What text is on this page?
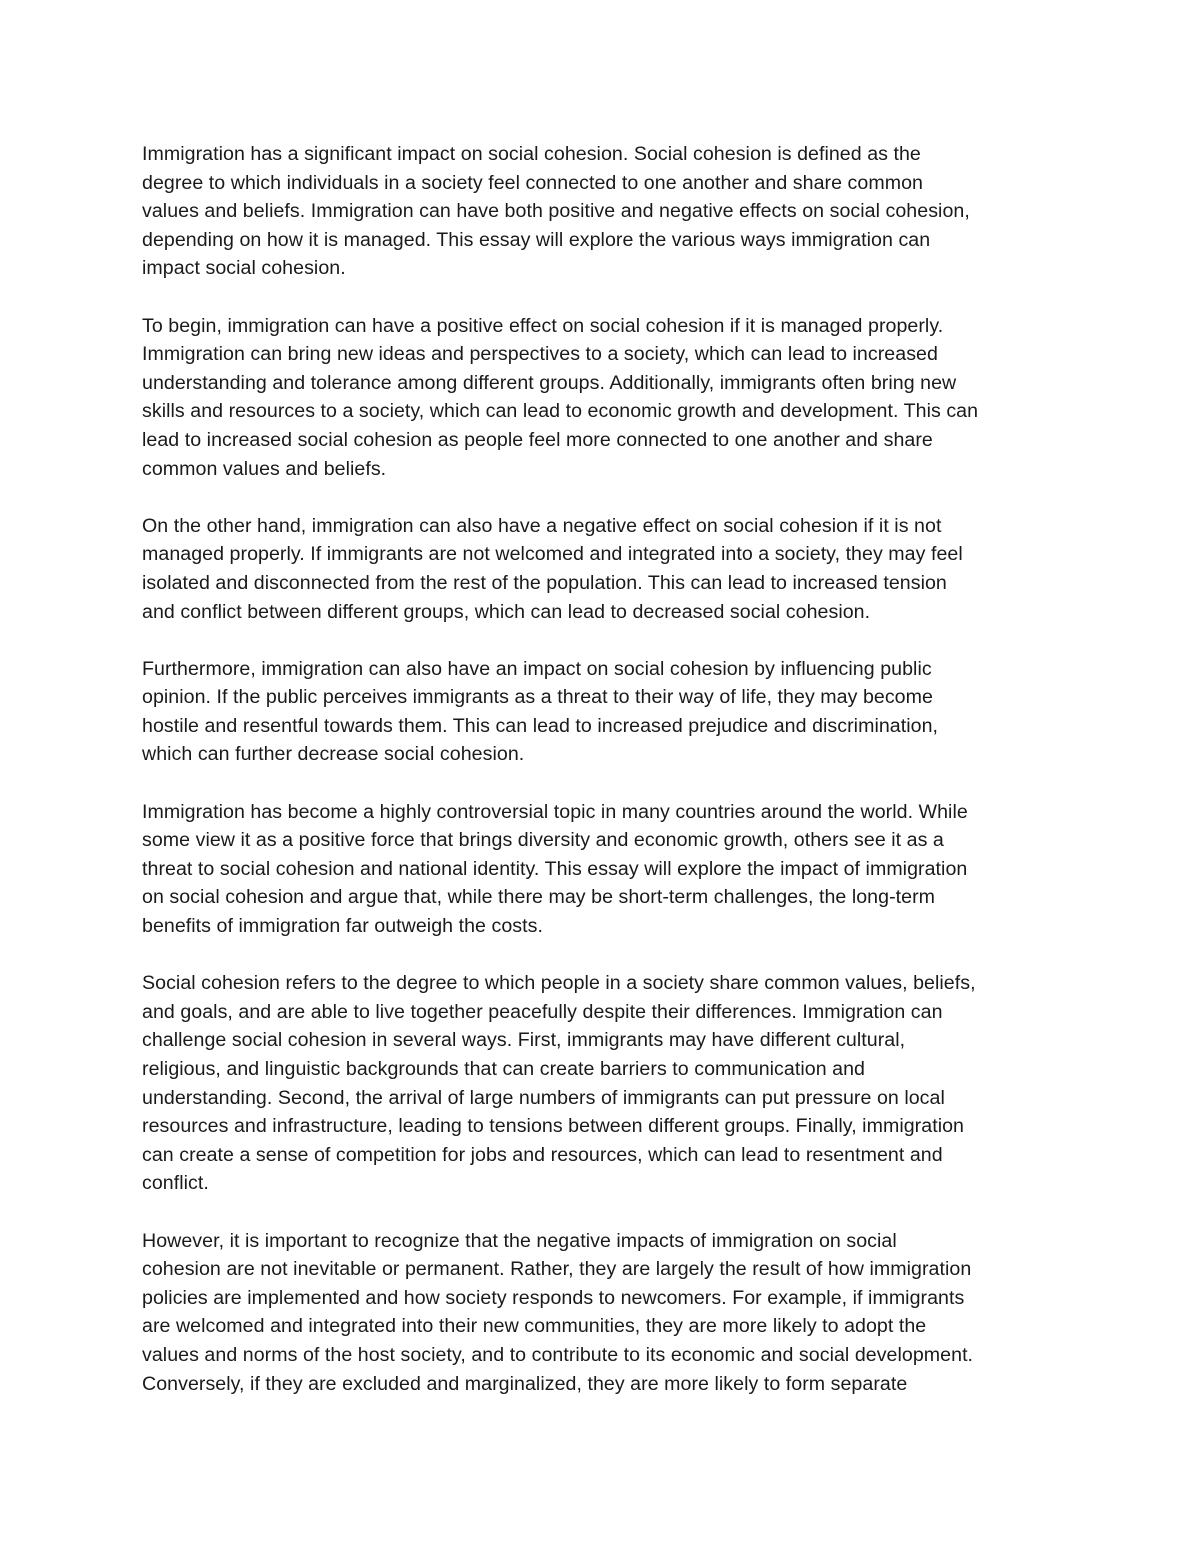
Immigration has a significant impact on social cohesion. Social cohesion is defined as the
degree to which individuals in a society feel connected to one another and share common
values and beliefs. Immigration can have both positive and negative effects on social cohesion,
depending on how it is managed. This essay will explore the various ways immigration can
impact social cohesion.
To begin, immigration can have a positive effect on social cohesion if it is managed properly.
Immigration can bring new ideas and perspectives to a society, which can lead to increased
understanding and tolerance among different groups. Additionally, immigrants often bring new
skills and resources to a society, which can lead to economic growth and development. This can
lead to increased social cohesion as people feel more connected to one another and share
common values and beliefs.
On the other hand, immigration can also have a negative effect on social cohesion if it is not
managed properly. If immigrants are not welcomed and integrated into a society, they may feel
isolated and disconnected from the rest of the population. This can lead to increased tension
and conflict between different groups, which can lead to decreased social cohesion.
Furthermore, immigration can also have an impact on social cohesion by influencing public
opinion. If the public perceives immigrants as a threat to their way of life, they may become
hostile and resentful towards them. This can lead to increased prejudice and discrimination,
which can further decrease social cohesion.
Immigration has become a highly controversial topic in many countries around the world. While
some view it as a positive force that brings diversity and economic growth, others see it as a
threat to social cohesion and national identity. This essay will explore the impact of immigration
on social cohesion and argue that, while there may be short-term challenges, the long-term
benefits of immigration far outweigh the costs.
Social cohesion refers to the degree to which people in a society share common values, beliefs,
and goals, and are able to live together peacefully despite their differences. Immigration can
challenge social cohesion in several ways. First, immigrants may have different cultural,
religious, and linguistic backgrounds that can create barriers to communication and
understanding. Second, the arrival of large numbers of immigrants can put pressure on local
resources and infrastructure, leading to tensions between different groups. Finally, immigration
can create a sense of competition for jobs and resources, which can lead to resentment and
conflict.
However, it is important to recognize that the negative impacts of immigration on social
cohesion are not inevitable or permanent. Rather, they are largely the result of how immigration
policies are implemented and how society responds to newcomers. For example, if immigrants
are welcomed and integrated into their new communities, they are more likely to adopt the
values and norms of the host society, and to contribute to its economic and social development.
Conversely, if they are excluded and marginalized, they are more likely to form separate
